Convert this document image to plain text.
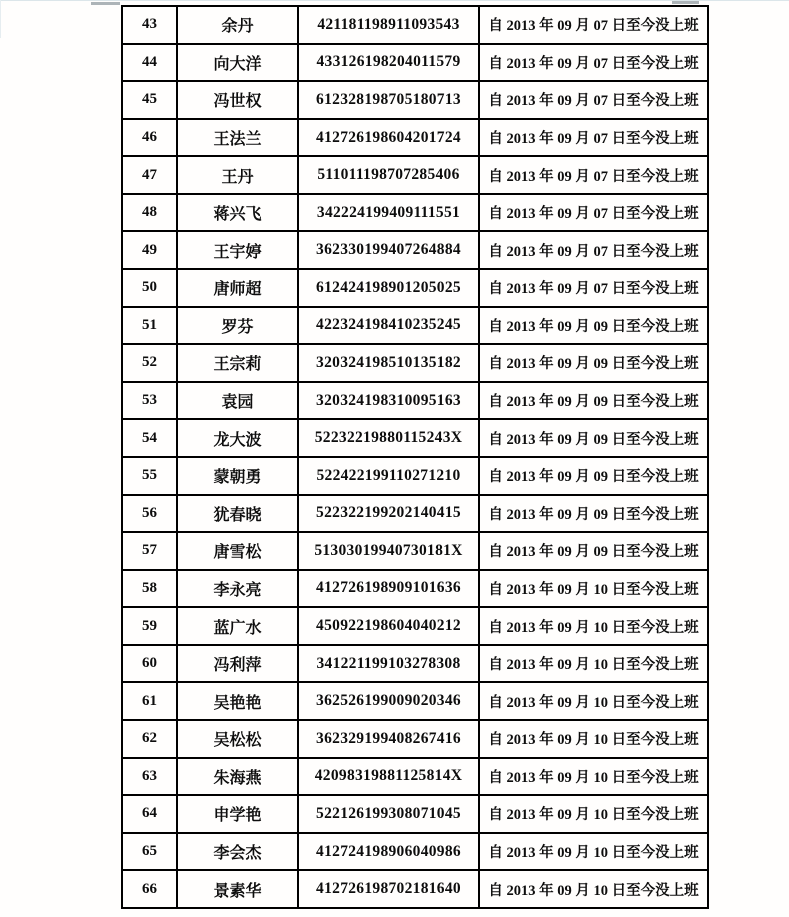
43	余丹	421181198911093543	自 2013 年 09 月 07 日至今没上班
44	向大洋	433126198204011579	自 2013 年 09 月 07 日至今没上班
45	冯世权	612328198705180713	自 2013 年 09 月 07 日至今没上班
46	王法兰	412726198604201724	自 2013 年 09 月 07 日至今没上班
47	王丹	511011198707285406	自 2013 年 09 月 07 日至今没上班
48	蒋兴飞	342224199409111551	自 2013 年 09 月 07 日至今没上班
49	王宇婷	362330199407264884	自 2013 年 09 月 07 日至今没上班
50	唐师超	612424198901205025	自 2013 年 09 月 07 日至今没上班
51	罗芬	422324198410235245	自 2013 年 09 月 09 日至今没上班
52	王宗莉	320324198510135182	自 2013 年 09 月 09 日至今没上班
53	袁园	320324198310095163	自 2013 年 09 月 09 日至今没上班
54	龙大波	52232219880115243X	自 2013 年 09 月 09 日至今没上班
55	蒙朝勇	522422199110271210	自 2013 年 09 月 09 日至今没上班
56	犹春晓	522322199202140415	自 2013 年 09 月 09 日至今没上班
57	唐雪松	51303019940730181X	自 2013 年 09 月 09 日至今没上班
58	李永亮	412726198909101636	自 2013 年 09 月 10 日至今没上班
59	蓝广水	450922198604040212	自 2013 年 09 月 10 日至今没上班
60	冯利萍	341221199103278308	自 2013 年 09 月 10 日至今没上班
61	吴艳艳	362526199009020346	自 2013 年 09 月 10 日至今没上班
62	吴松松	362329199408267416	自 2013 年 09 月 10 日至今没上班
63	朱海燕	42098319881125814X	自 2013 年 09 月 10 日至今没上班
64	申学艳	522126199308071045	自 2013 年 09 月 10 日至今没上班
65	李会杰	412724198906040986	自 2013 年 09 月 10 日至今没上班
66	景素华	412726198702181640	自 2013 年 09 月 10 日至今没上班
